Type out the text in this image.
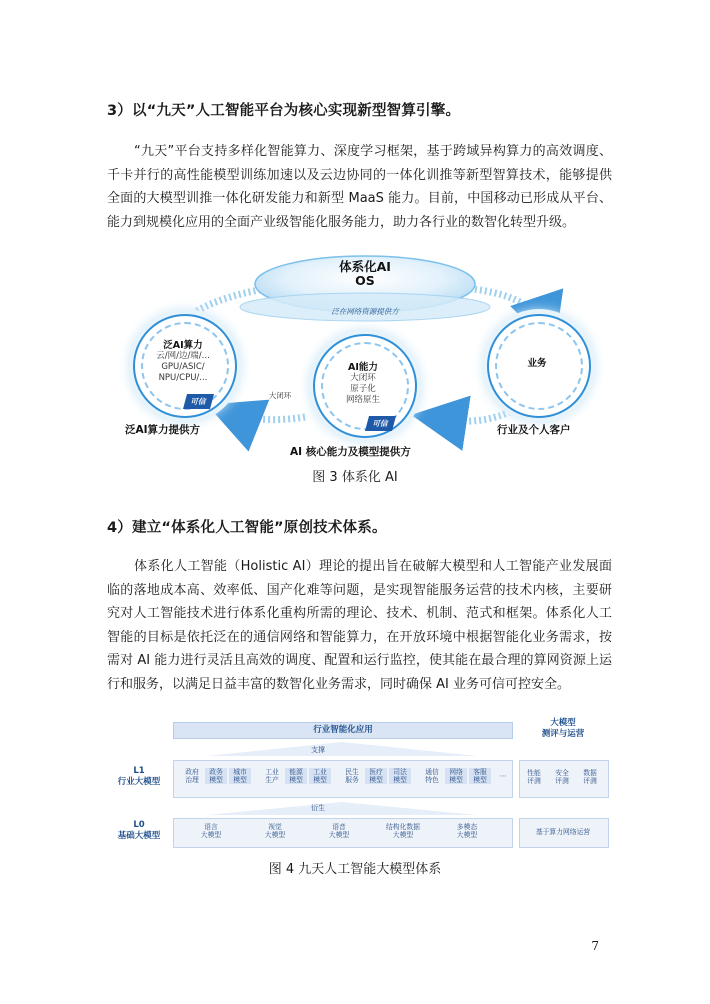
3）以“九天”人工智能平台为核心实现新型智算引擎。

“九天”平台支持多样化智能算力、深度学习框架，基于跨域异构算力的高效调度、千卡并行的高性能模型训练加速以及云边协同的一体化训推等新型智算技术，能够提供全面的大模型训推一体化研发能力和新型 MaaS 能力。目前，中国移动已形成从平台、能力到规模化应用的全面产业级智能化服务能力，助力各行业的数智化转型升级。

体系化AI
OS
泛在网络资源提供方
泛AI算力
云/网/边/端/...
GPU/ASIC/
NPU/CPU/...
可信
AI能力
大闭环
原子化
网络原生
可信
业务
大闭环
泛AI算力提供方
AI 核心能力及模型提供方
行业及个人客户
图 3 体系化 AI
4）建立“体系化人工智能”原创技术体系。

体系化人工智能（Holistic AI）理论的提出旨在破解大模型和人工智能产业发展面临的落地成本高、效率低、国产化难等问题，是实现智能服务运营的技术内核，主要研究对人工智能技术进行体系化重构所需的理论、技术、机制、范式和框架。体系化人工智能的目标是依托泛在的通信网络和智能算力，在开放环境中根据智能化业务需求，按需对 AI 能力进行灵活且高效的调度、配置和运行监控，使其能在最合理的算网资源上运行和服务，以满足日益丰富的数智化业务需求，同时确保 AI 业务可信可控安全。

行业智能化应用
大模型
测评与运营
支撑
衍生
L1
行业大模型
L0
基础大模型
⋯
基于算力网络运营
政府
治理
政务
模型
城市
模型
工业
生产
能源
模型
工业
模型
民生
服务
医疗
模型
司法
模型
通信
特色
网络
模型
客服
模型
语言
大模型
视觉
大模型
语音
大模型
结构化数据
大模型
多模态
大模型
性能
评测
安全
评测
数据
评测
图 4 九天人工智能大模型体系
7
